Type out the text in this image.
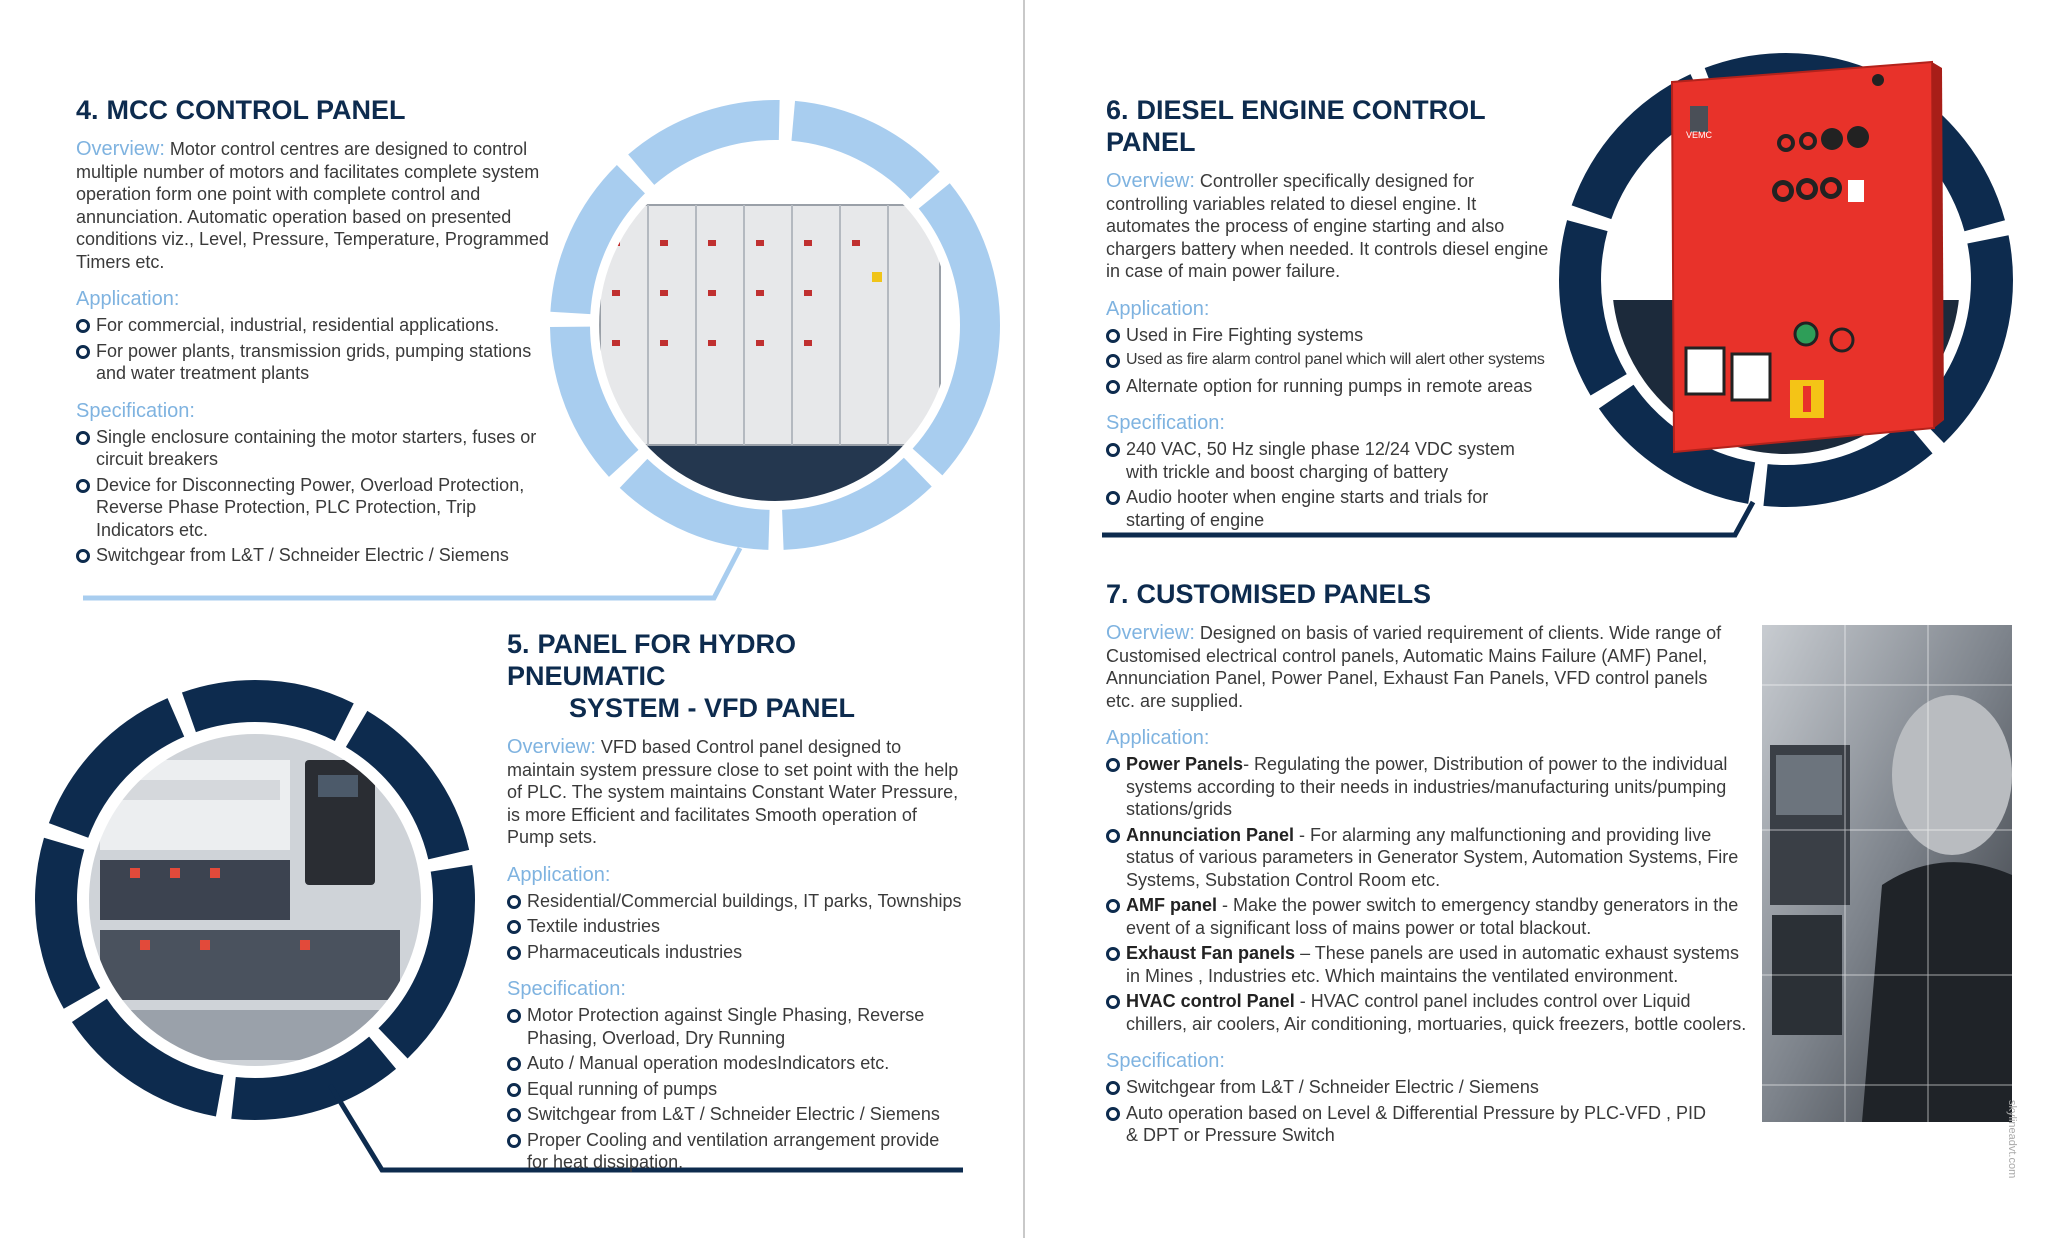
4. MCC CONTROL PANEL

Overview: Motor control centres are designed to control multiple number of motors and facilitates complete system operation form one point with complete control and annunciation. Automatic operation based on presented conditions viz., Level, Pressure, Temperature, Programmed Timers etc.

Application:
For commercial, industrial, residential applications.
For power plants, transmission grids, pumping stations and water treatment plants
Specification:
Single enclosure containing the motor starters, fuses or circuit breakers
Device for Disconnecting Power, Overload Protection, Reverse Phase Protection, PLC Protection, Trip Indicators etc.
Switchgear from L&T / Schneider Electric / Siemens
5. PANEL FOR HYDRO PNEUMATIC
SYSTEM - VFD PANEL

Overview: VFD based Control panel designed to maintain system pressure close to set point with the help of PLC. The system maintains Constant Water Pressure, is more Efficient and facilitates Smooth operation of Pump sets.

Application:
Residential/Commercial buildings, IT parks, Townships
Textile industries
Pharmaceuticals industries
Specification:
Motor Protection against Single Phasing, Reverse Phasing, Overload, Dry Running
Auto / Manual operation modesIndicators etc.
Equal running of pumps
Switchgear from L&T / Schneider Electric / Siemens
Proper Cooling and ventilation arrangement provide for heat dissipation.
6. DIESEL ENGINE CONTROL PANEL

Overview: Controller specifically designed for controlling variables related to diesel engine. It automates the process of engine starting and also chargers battery when needed. It controls diesel engine in case of main power failure.

Application:
Used in Fire Fighting systems
Used as fire alarm control panel which will alert other systems
Alternate option for running pumps in remote areas
Specification:
240 VAC, 50 Hz single phase 12/24 VDC system with trickle and boost charging of battery
Audio hooter when engine starts and trials for starting of engine
VEMC
7. CUSTOMISED PANELS

Overview: Designed on basis of varied requirement of clients. Wide range of Customised electrical control panels, Automatic Mains Failure (AMF) Panel, Annunciation Panel, Power Panel, Exhaust Fan Panels, VFD control panels etc. are supplied.

Application:
Power Panels- Regulating the power, Distribution of power to the individual systems according to their needs in industries/manufacturing units/pumping stations/grids
Annunciation Panel - For alarming any malfunctioning and providing live status of various parameters in Generator System, Automation Systems, Fire Systems, Substation Control Room etc.
AMF panel - Make the power switch to emergency standby generators in the event of a significant loss of mains power or total blackout.
Exhaust Fan panels – These panels are used in automatic exhaust systems in Mines , Industries etc. Which maintains the ventilated environment.
HVAC control Panel - HVAC control panel includes control over Liquid chillers, air coolers, Air conditioning, mortuaries, quick freezers, bottle coolers.
Specification:
Switchgear from L&T / Schneider Electric / Siemens
Auto operation based on Level & Differential Pressure by PLC-VFD , PID & DPT or Pressure Switch	skylineadvt.com
